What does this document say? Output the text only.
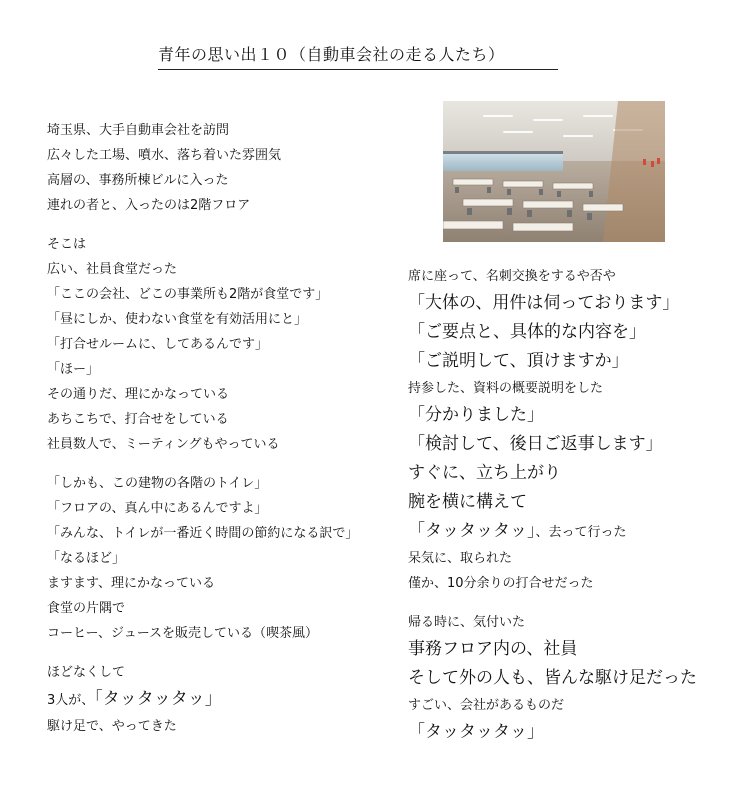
青年の思い出１０（自動車会社の走る人たち）
埼玉県、大手自動車会社を訪問
広々した工場、噴水、落ち着いた雰囲気
高層の、事務所棟ビルに入った
連れの者と、入ったのは2階フロア
そこは
広い、社員食堂だった
「ここの会社、どこの事業所も2階が食堂です」
「昼にしか、使わない食堂を有効活用にと」
「打合せルームに、してあるんです」
「ほー」
その通りだ、理にかなっている
あちこちで、打合せをしている
社員数人で、ミーティングもやっている
「しかも、この建物の各階のトイレ」
「フロアの、真ん中にあるんですよ」
「みんな、トイレが一番近く時間の節約になる訳で」
「なるほど」
ますます、理にかなっている
食堂の片隅で
コーヒー、ジュースを販売している（喫茶風）
ほどなくして
3人が、「タッタッタッ」
駆け足で、やってきた
席に座って、名刺交換をするや否や
「大体の、用件は伺っております」
「ご要点と、具体的な内容を」
「ご説明して、頂けますか」
持参した、資料の概要説明をした
「分かりました」
「検討して、後日ご返事します」
すぐに、立ち上がり
腕を横に構えて
「タッタッタッ」、去って行った
呆気に、取られた
僅か、10分余りの打合せだった
帰る時に、気付いた
事務フロア内の、社員
そして外の人も、皆んな駆け足だった
すごい、会社があるものだ
「タッタッタッ」
